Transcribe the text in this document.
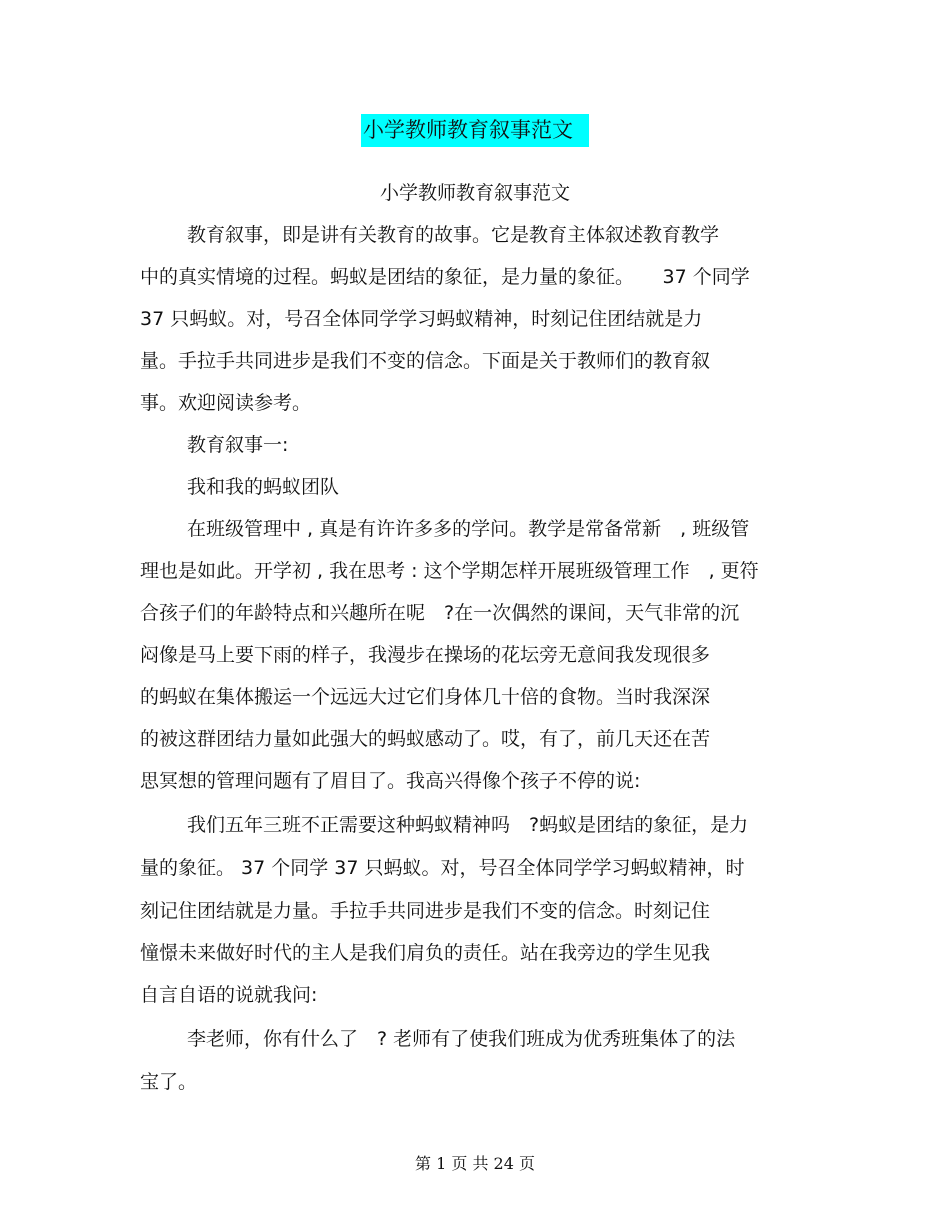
小学教师教育叙事范文
小学教师教育叙事范文
教育叙事，即是讲有关教育的故事。它是教育主体叙述教育教学
中的真实情境的过程。蚂蚁是团结的象征，是力量的象征。　　37 个同学
37 只蚂蚁。对，号召全体同学学习蚂蚁精神，时刻记住团结就是力
量。手拉手共同进步是我们不变的信念。下面是关于教师们的教育叙
事。欢迎阅读参考。
教育叙事一:
我和我的蚂蚁团队
在班级管理中 , 真是有许许多多的学问。教学是常备常新　, 班级管
理也是如此。开学初 , 我在思考 : 这个学期怎样开展班级管理工作　, 更符
合孩子们的年龄特点和兴趣所在呢　?在一次偶然的课间，天气非常的沉
闷像是马上要下雨的样子，我漫步在操场的花坛旁无意间我发现很多
的蚂蚁在集体搬运一个远远大过它们身体几十倍的食物。当时我深深
的被这群团结力量如此强大的蚂蚁感动了。哎，有了，前几天还在苦
思冥想的管理问题有了眉目了。我高兴得像个孩子不停的说:
我们五年三班不正需要这种蚂蚁精神吗　?蚂蚁是团结的象征，是力
量的象征。 37 个同学 37 只蚂蚁。对，号召全体同学学习蚂蚁精神，时
刻记住团结就是力量。手拉手共同进步是我们不变的信念。时刻记住
憧憬未来做好时代的主人是我们肩负的责任。站在我旁边的学生见我
自言自语的说就我问:
李老师，你有什么了　? 老师有了使我们班成为优秀班集体了的法
宝了。
第 1 页 共 24 页
